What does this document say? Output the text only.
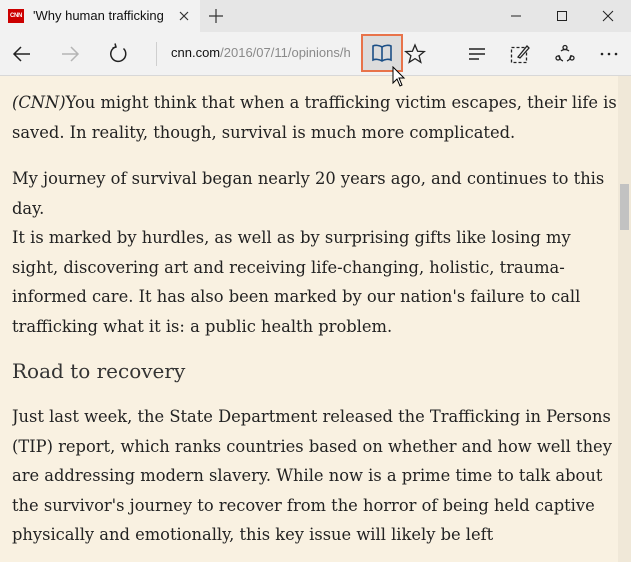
CNN 'Why human trafficking
cnn.com/2016/07/11/opinions/h

(CNN)You might think that when a trafficking victim escapes, their life is saved. In reality, though, survival is much more complicated.

My journey of survival began nearly 20 years ago, and continues to this day.

It is marked by hurdles, as well as by surprising gifts like losing my sight, discovering art and receiving life-changing, holistic, trauma-informed care. It has also been marked by our nation's failure to call trafficking what it is: a public health problem.

Road to recovery

Just last week, the State Department released the Trafficking in Persons (TIP) report, which ranks countries based on whether and how well they are addressing modern slavery. While now is a prime time to talk about the survivor's journey to recover from the horror of being held captive physically and emotionally, this key issue will likely be left
